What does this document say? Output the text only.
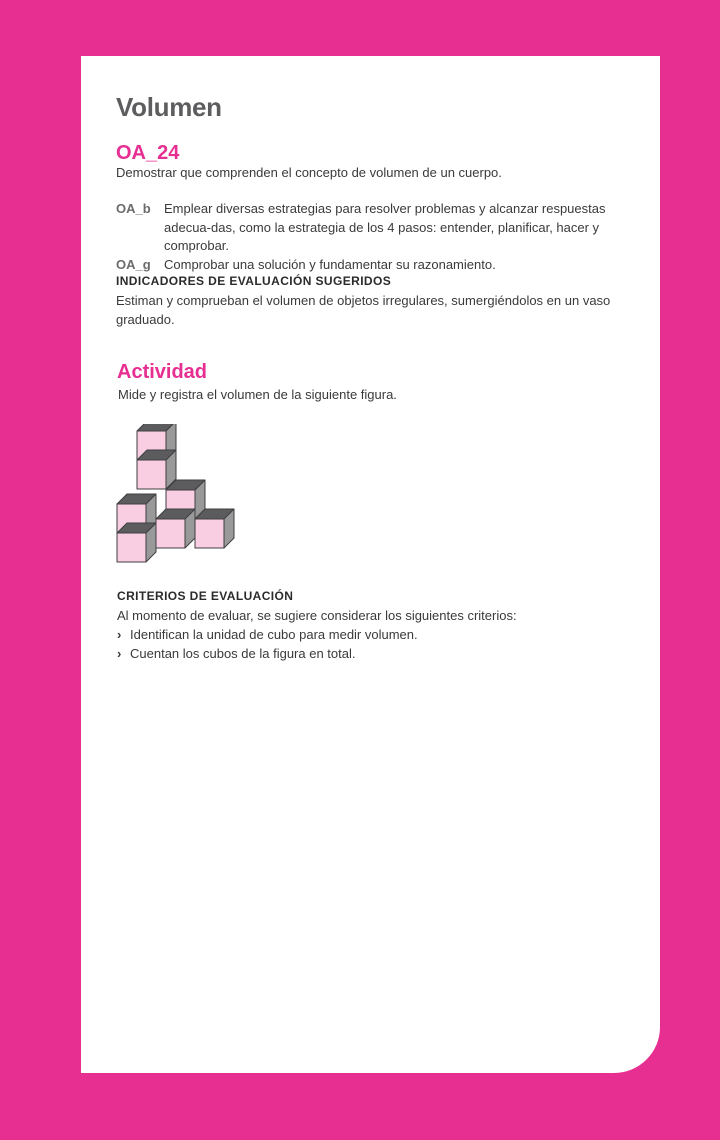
Volumen
OA_24
Demostrar que comprenden el concepto de volumen de un cuerpo.
OA_b	Emplear diversas estrategias para resolver problemas y alcanzar respuestas adecua-das, como la estrategia de los 4 pasos: entender, planificar, hacer y comprobar.
OA_g	Comprobar una solución y fundamentar su razonamiento.
INDICADORES DE EVALUACIÓN SUGERIDOS
Estiman y comprueban el volumen de objetos irregulares, sumergiéndolos en un vaso graduado.
Actividad
Mide y registra el volumen de la siguiente figura.
CRITERIOS DE EVALUACIÓN
Al momento de evaluar, se sugiere considerar los siguientes criterios:
› Identifican la unidad de cubo para medir volumen.
› Cuentan los cubos de la figura en total.
